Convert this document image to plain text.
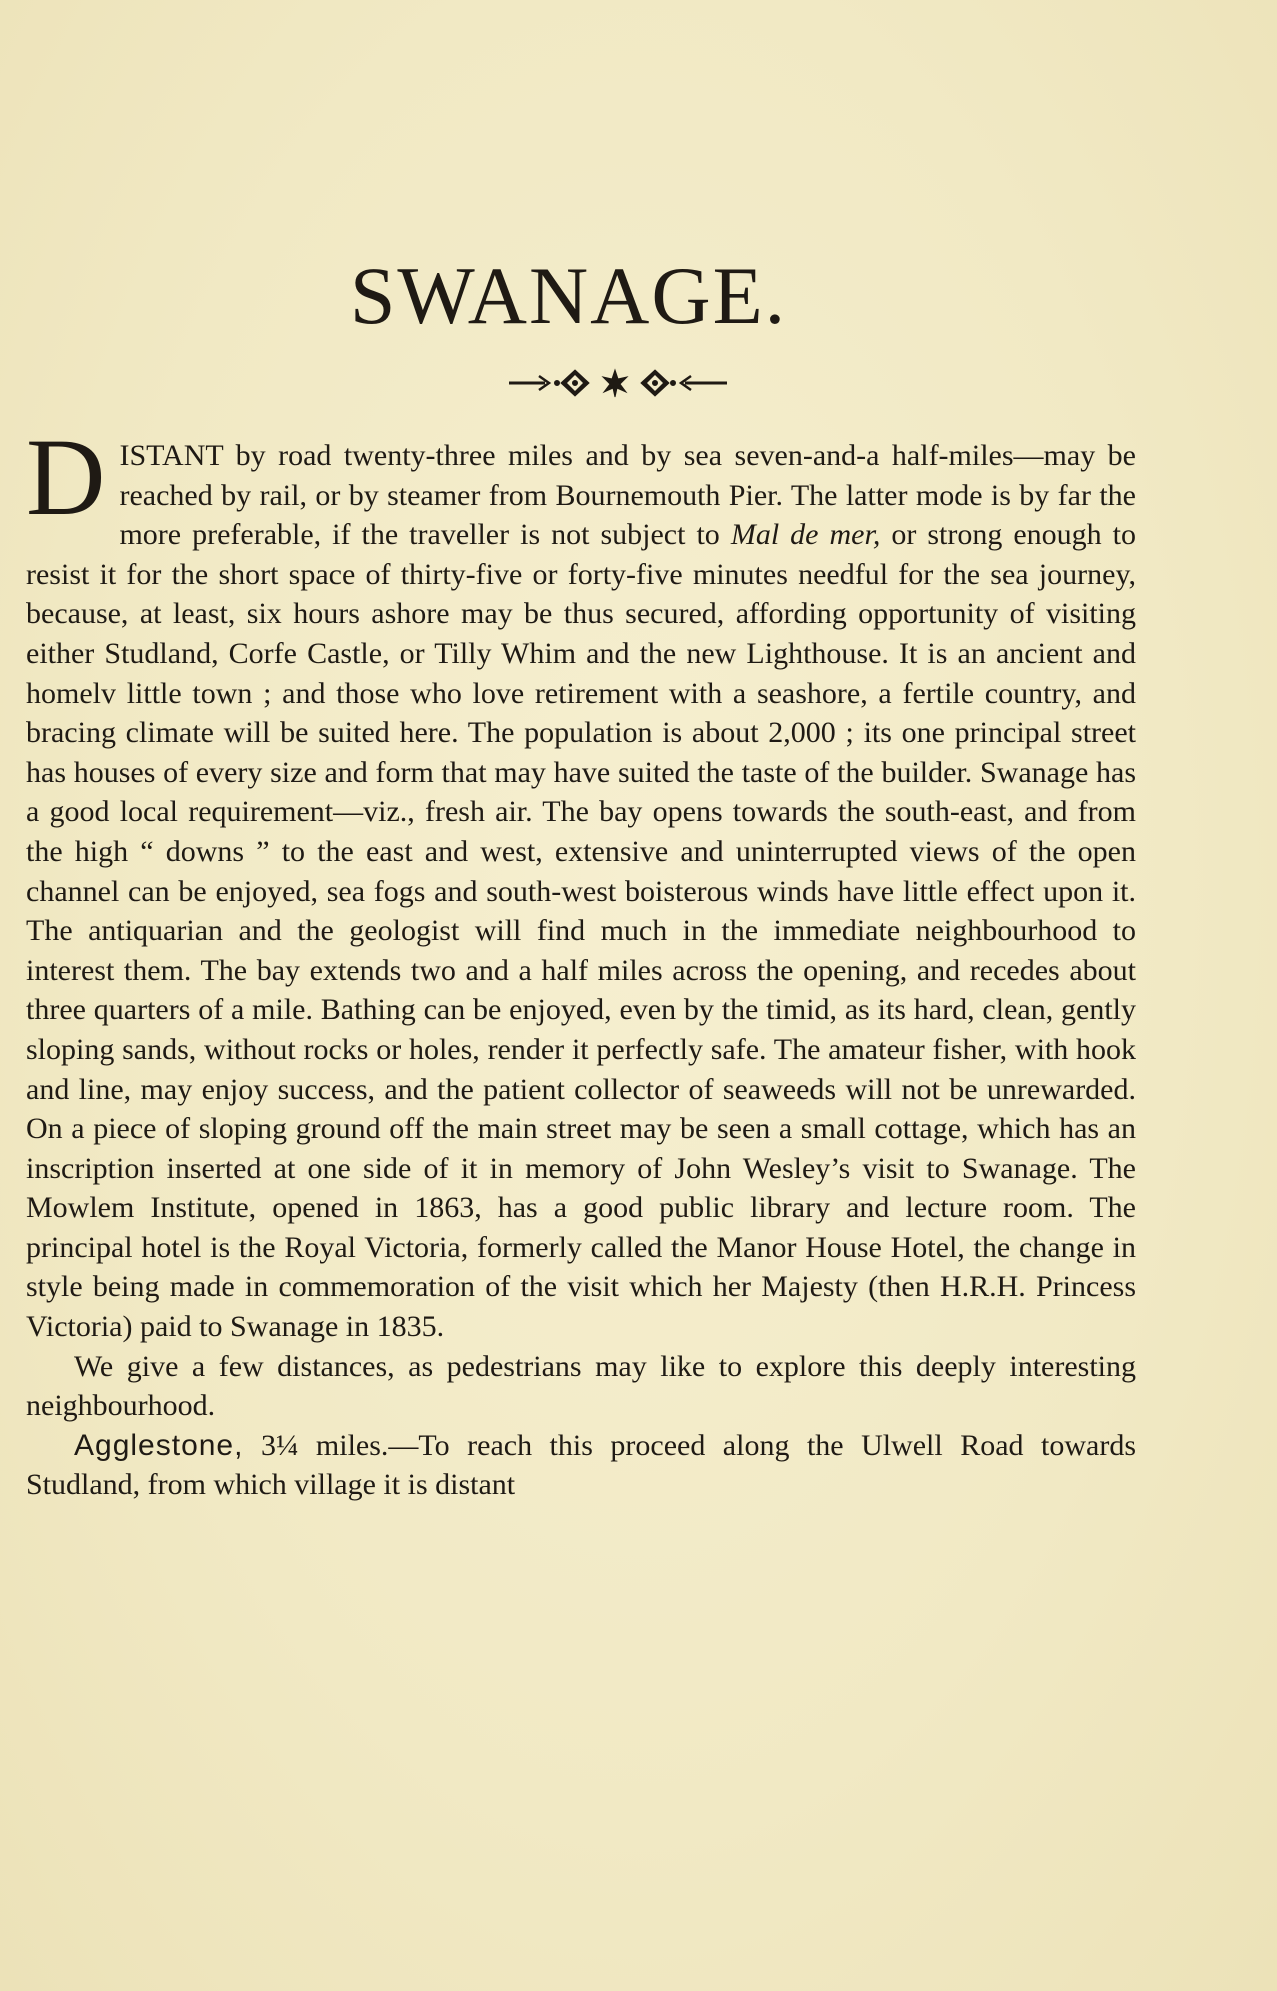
SWANAGE.

D ISTANT by road twenty-three miles and by sea seven-and-a half-miles—may be reached by rail, or by steamer from Bournemouth Pier. The latter mode is by far the more preferable, if the traveller is not subject to Mal de mer, or strong enough to resist it for the short space of thirty-five or forty-five minutes needful for the sea journey, because, at least, six hours ashore may be thus secured, affording opportunity of visiting either Studland, Corfe Castle, or Tilly Whim and the new Lighthouse. It is an ancient and homelv little town ; and those who love retirement with a seashore, a fertile country, and bracing climate will be suited here. The population is about 2,000 ; its one principal street has houses of every size and form that may have suited the taste of the builder. Swanage has a good local requirement—viz., fresh air. The bay opens towards the south-east, and from the high “ downs ” to the east and west, extensive and uninterrupted views of the open channel can be enjoyed, sea fogs and south-west boisterous winds have little effect upon it. The antiquarian and the geologist will find much in the immediate neighbourhood to interest them. The bay extends two and a half miles across the opening, and recedes about three quarters of a mile. Bathing can be enjoyed, even by the timid, as its hard, clean, gently sloping sands, without rocks or holes, render it perfectly safe. The amateur fisher, with hook and line, may enjoy success, and the patient collector of seaweeds will not be unrewarded. On a piece of sloping ground off the main street may be seen a small cottage, which has an inscription inserted at one side of it in memory of John Wesley’s visit to Swanage. The Mowlem Institute, opened in 1863, has a good public library and lecture room. The principal hotel is the Royal Victoria, formerly called the Manor House Hotel, the change in style being made in commemoration of the visit which her Majesty (then H.R.H. Princess Victoria) paid to Swanage in 1835.

We give a few distances, as pedestrians may like to explore this deeply interesting neighbourhood.

Agglestone, 3¼ miles.—To reach this proceed along the Ulwell Road towards Studland, from which village it is distant
